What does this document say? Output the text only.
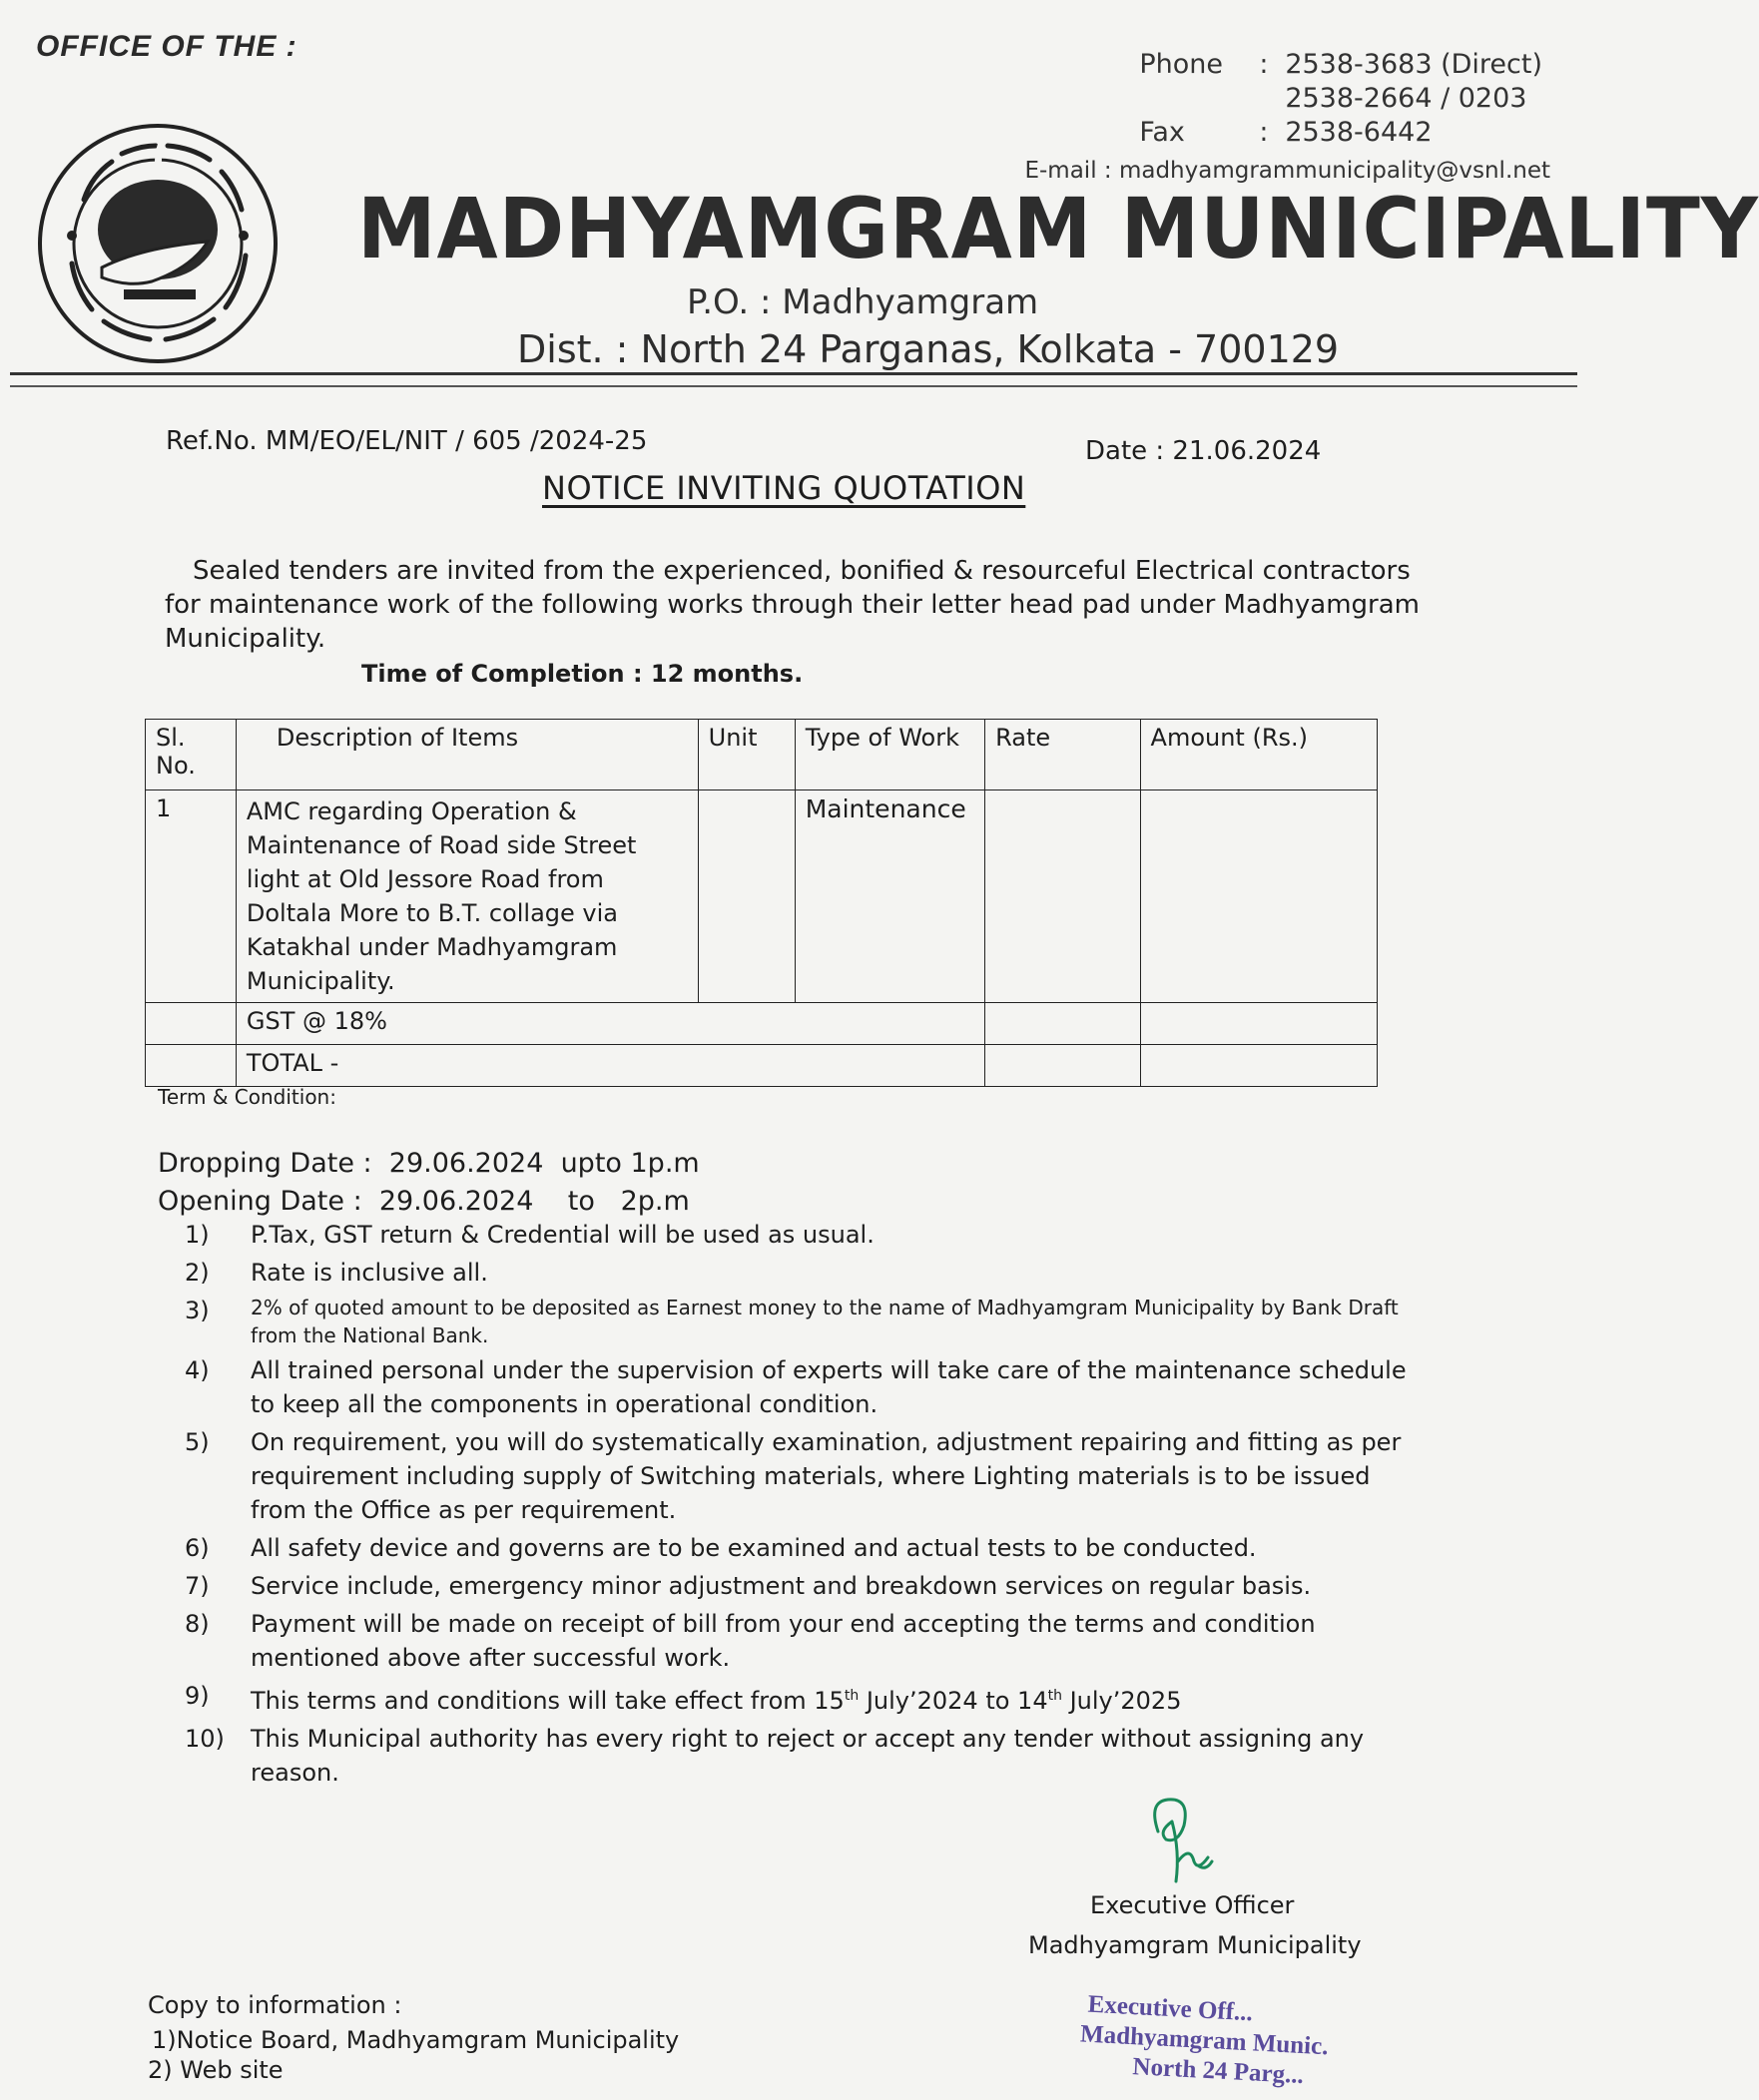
OFFICE OF THE :
Phone	: 2538-3683 (Direct)
2538-2664 / 0203
Fax	: 2538-6442
E-mail : madhyamgrammunicipality@vsnl.net
MADHYAMGRAM MUNICIPALITY
P.O. : Madhyamgram
Dist. : North 24 Parganas, Kolkata - 700129
Ref.No. MM/EO/EL/NIT / 605 /2024-25	Date : 21.06.2024
NOTICE INVITING QUOTATION
Sealed tenders are invited from the experienced, bonified & resourceful Electrical contractors for maintenance work of the following works through their letter head pad under Madhyamgram Municipality.
Time of Completion : 12 months.
Sl. No.	Description of Items	Unit	Type of Work	Rate	Amount (Rs.)
1	AMC regarding Operation & Maintenance of Road side Street light at Old Jessore Road from Doltala More to B.T. collage via Katakhal under Madhyamgram Municipality.		Maintenance		
	GST @ 18%				
	TOTAL -				
Term & Condition:
Dropping Date :  29.06.2024  upto 1p.m
Opening Date :  29.06.2024    to   2p.m
1)	P.Tax, GST return & Credential will be used as usual.
2)	Rate is inclusive all.
3)	2% of quoted amount to be deposited as Earnest money to the name of Madhyamgram Municipality by Bank Draft from the National Bank.
4)	All trained personal under the supervision of experts will take care of the maintenance schedule to keep all the components in operational condition.
5)	On requirement, you will do systematically examination, adjustment repairing and fitting as per requirement including supply of Switching materials, where Lighting materials is to be issued from the Office as per requirement.
6)	All safety device and governs are to be examined and actual tests to be conducted.
7)	Service include, emergency minor adjustment and breakdown services on regular basis.
8)	Payment will be made on receipt of bill from your end accepting the terms and condition mentioned above after successful work.
9)	This terms and conditions will take effect from 15th July’2024 to 14th July’2025
10)	This Municipal authority has every right to reject or accept any tender without assigning any reason.
Executive Officer
Madhyamgram Municipality
Copy to information :
1)Notice Board, Madhyamgram Municipality
2) Web site
Executive Off...
Madhyamgram Munic.
North 24 Parg...
